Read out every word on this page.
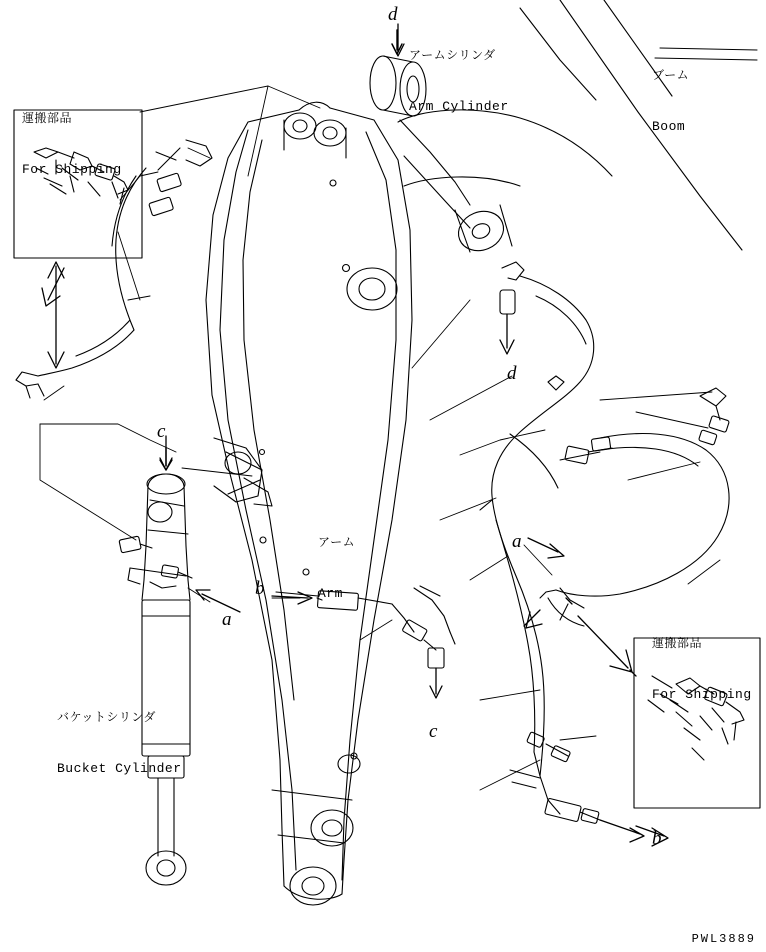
運搬部品

For Shipping

アームシリンダ

Arm Cylinder

ブーム

Boom

アーム

Arm

バケットシリンダ

Bucket Cylinder

運搬部品

For Shipping

d
d
c
a
b
a
c
b
PWL3889
